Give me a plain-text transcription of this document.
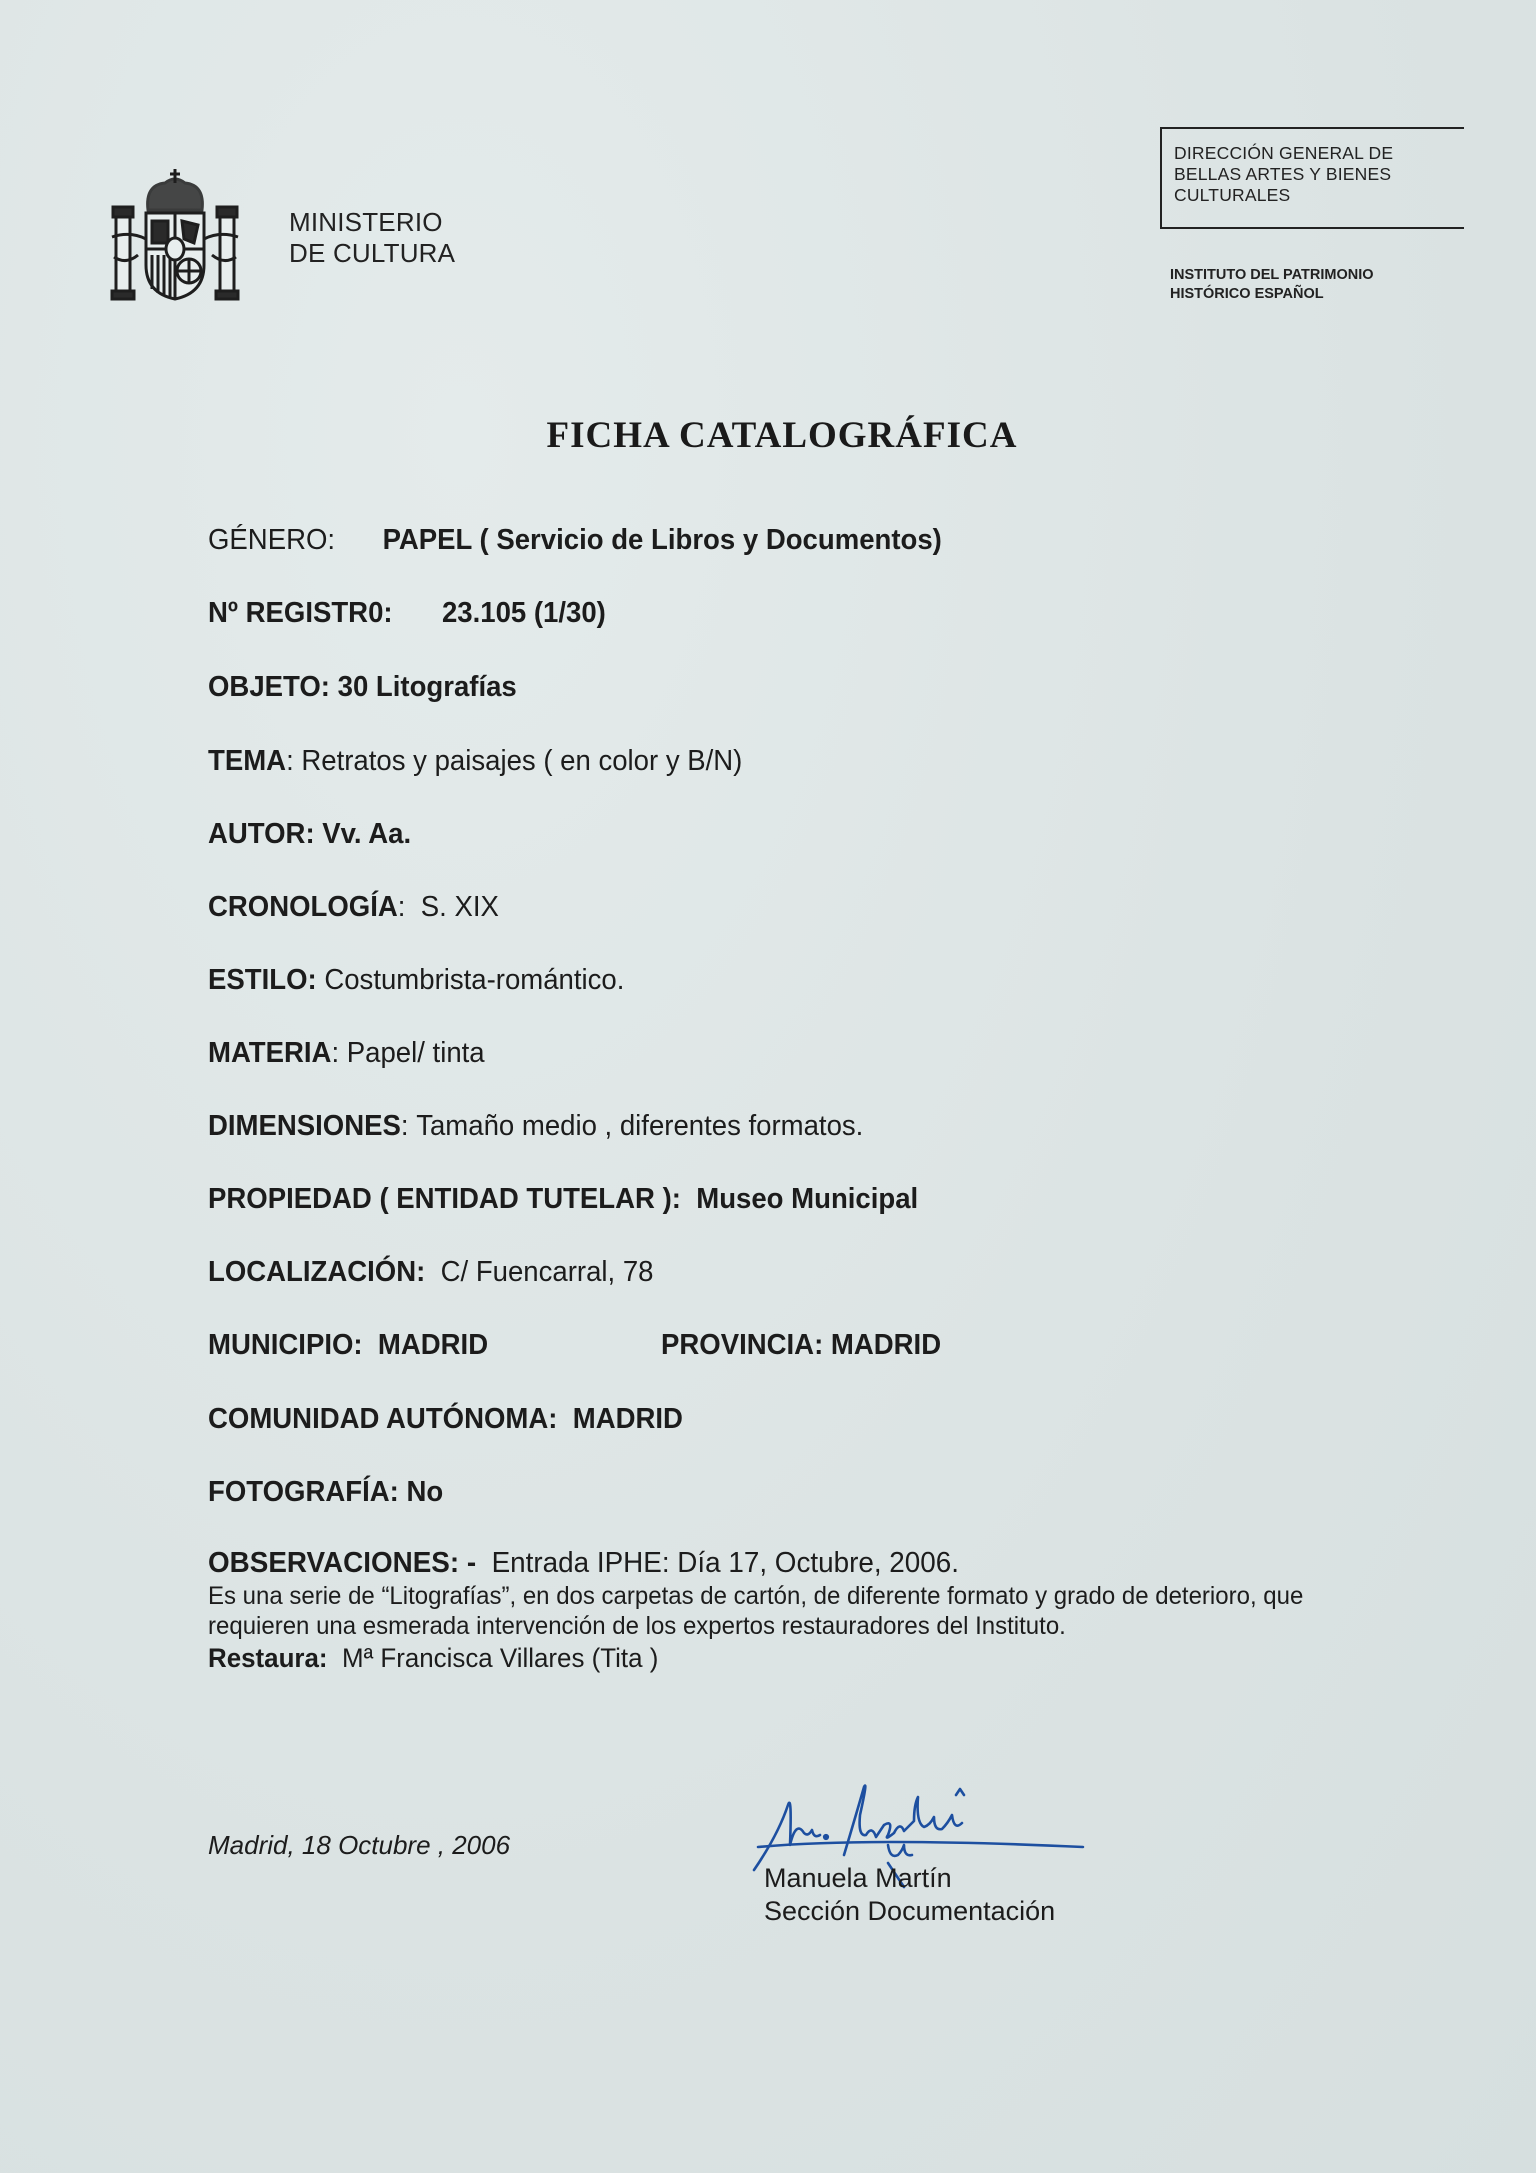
MINISTERIO
DE CULTURA
DIRECCIÓN GENERAL DE
BELLAS ARTES Y BIENES
CULTURALES
INSTITUTO DEL PATRIMONIO
HISTÓRICO ESPAÑOL
FICHA CATALOGRÁFICA
GÉNERO: PAPEL ( Servicio de Libros y Documentos)
Nº REGISTR0: 23.105 (1/30)
OBJETO: 30 Litografías
TEMA: Retratos y paisajes ( en color y B/N)
AUTOR: Vv. Aa.
CRONOLOGÍA: S. XIX
ESTILO: Costumbrista-romántico.
MATERIA: Papel/ tinta
DIMENSIONES: Tamaño medio , diferentes formatos.
PROPIEDAD ( ENTIDAD TUTELAR ): Museo Municipal
LOCALIZACIÓN: C/ Fuencarral, 78
MUNICIPIO: MADRID	PROVINCIA: MADRID
COMUNIDAD AUTÓNOMA: MADRID
FOTOGRAFÍA: No
OBSERVACIONES: - Entrada IPHE: Día 17, Octubre, 2006.
Es una serie de “Litografías”, en dos carpetas de cartón, de diferente formato y grado de deterioro, que requieren una esmerada intervención de los expertos restauradores del Instituto.
Restaura: Mª Francisca Villares (Tita )
Madrid, 18 Octubre , 2006
Manuela Martín
Sección Documentación
